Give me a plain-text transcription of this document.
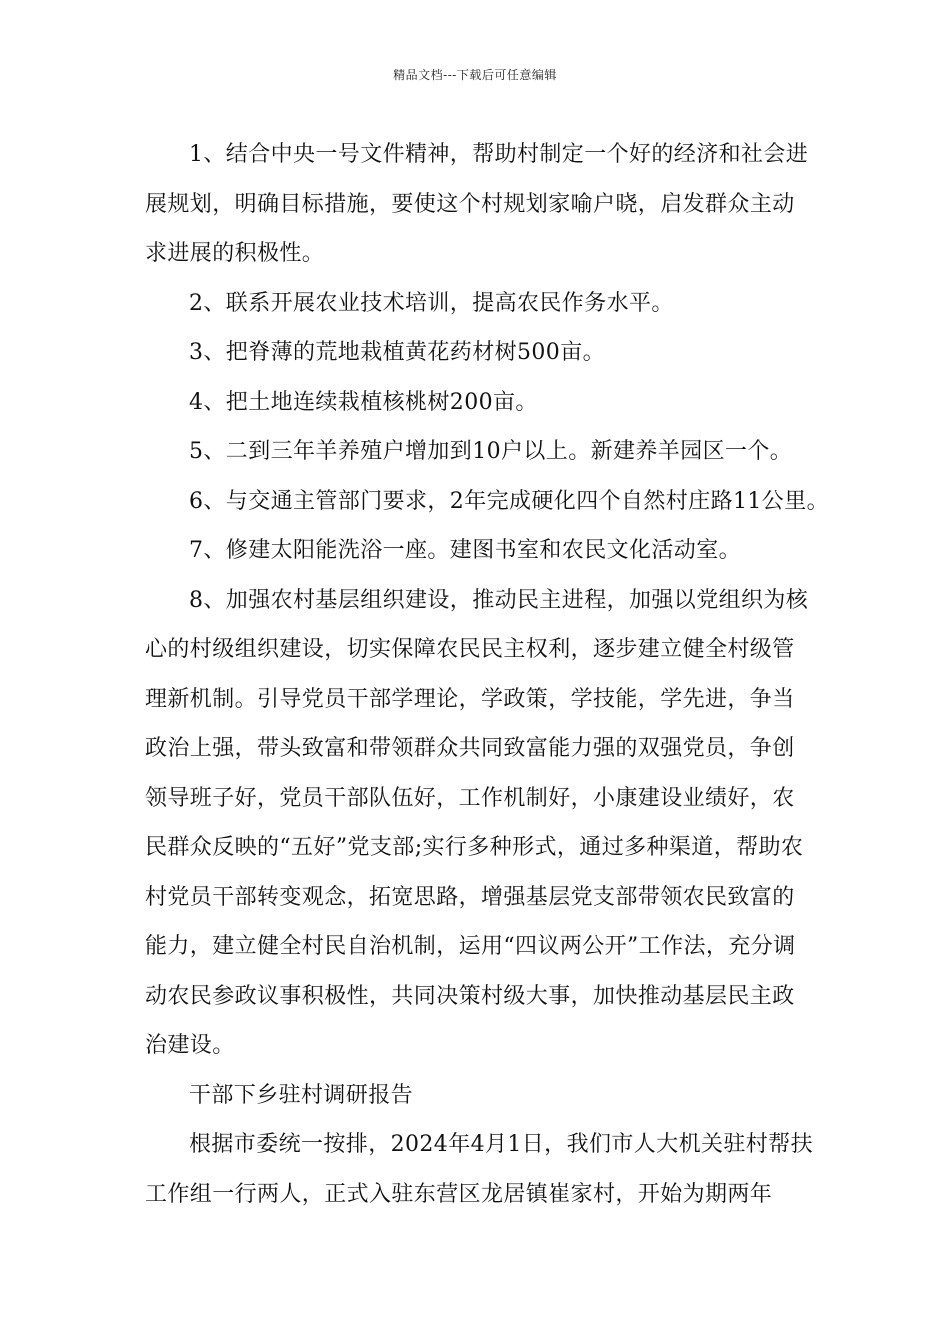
精品文档---下载后可任意编辑

1、结合中央一号文件精神，帮助村制定一个好的经济和社会进展规划，明确目标措施，要使这个村规划家喻户晓，启发群众主动求进展的积极性。

2、联系开展农业技术培训，提高农民作务水平。

3、把脊薄的荒地栽植黄花药材树500亩。

4、把土地连续栽植核桃树200亩。

5、二到三年羊养殖户增加到10户以上。新建养羊园区一个。

6、与交通主管部门要求，2年完成硬化四个自然村庄路11公里。

7、修建太阳能洗浴一座。建图书室和农民文化活动室。

8、加强农村基层组织建设，推动民主进程，加强以党组织为核心的村级组织建设，切实保障农民民主权利，逐步建立健全村级管理新机制。引导党员干部学理论，学政策，学技能，学先进，争当政治上强，带头致富和带领群众共同致富能力强的双强党员，争创领导班子好，党员干部队伍好，工作机制好，小康建设业绩好，农民群众反映的“五好”党支部;实行多种形式，通过多种渠道，帮助农村党员干部转变观念，拓宽思路，增强基层党支部带领农民致富的能力，建立健全村民自治机制，运用“四议两公开”工作法，充分调动农民参政议事积极性，共同决策村级大事，加快推动基层民主政治建设。

干部下乡驻村调研报告

根据市委统一按排，2024年4月1日，我们市人大机关驻村帮扶工作组一行两人，正式入驻东营区龙居镇崔家村，开始为期两年
